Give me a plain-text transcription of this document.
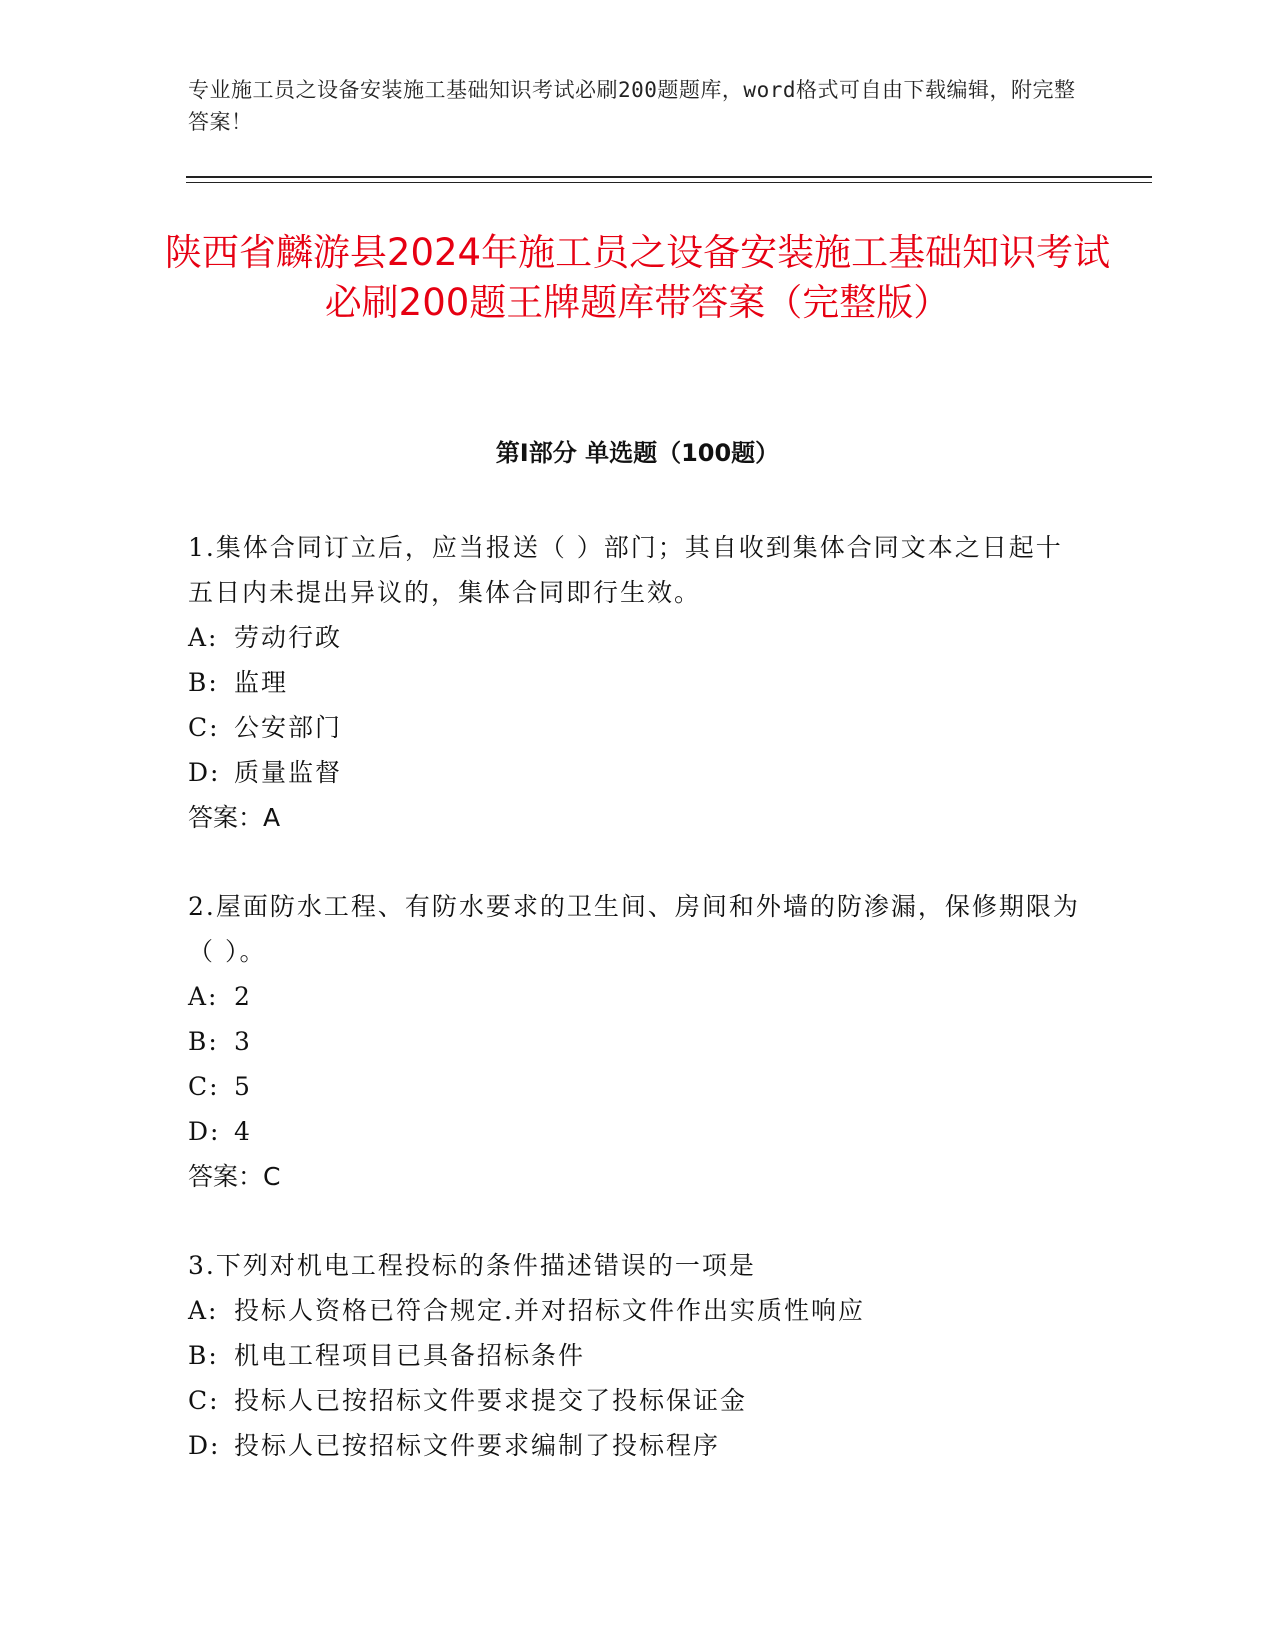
专业施工员之设备安装施工基础知识考试必刷200题题库，word格式可自由下载编辑，附完整答案！
陕西省麟游县2024年施工员之设备安装施工基础知识考试必刷200题王牌题库带答案（完整版）
第I部分 单选题（100题）

1.集体合同订立后，应当报送（ ）部门；其自收到集体合同文本之日起十五日内未提出异议的，集体合同即行生效。

A: 劳动行政

B: 监理

C: 公安部门

D: 质量监督

答案：A

2.屋面防水工程、有防水要求的卫生间、房间和外墙的防渗漏，保修期限为（ ）。

A: 2

B: 3

C: 5

D: 4

答案：C

3.下列对机电工程投标的条件描述错误的一项是

A: 投标人资格已符合规定.并对招标文件作出实质性响应

B: 机电工程项目已具备招标条件

C: 投标人已按招标文件要求提交了投标保证金

D: 投标人已按招标文件要求编制了投标程序
